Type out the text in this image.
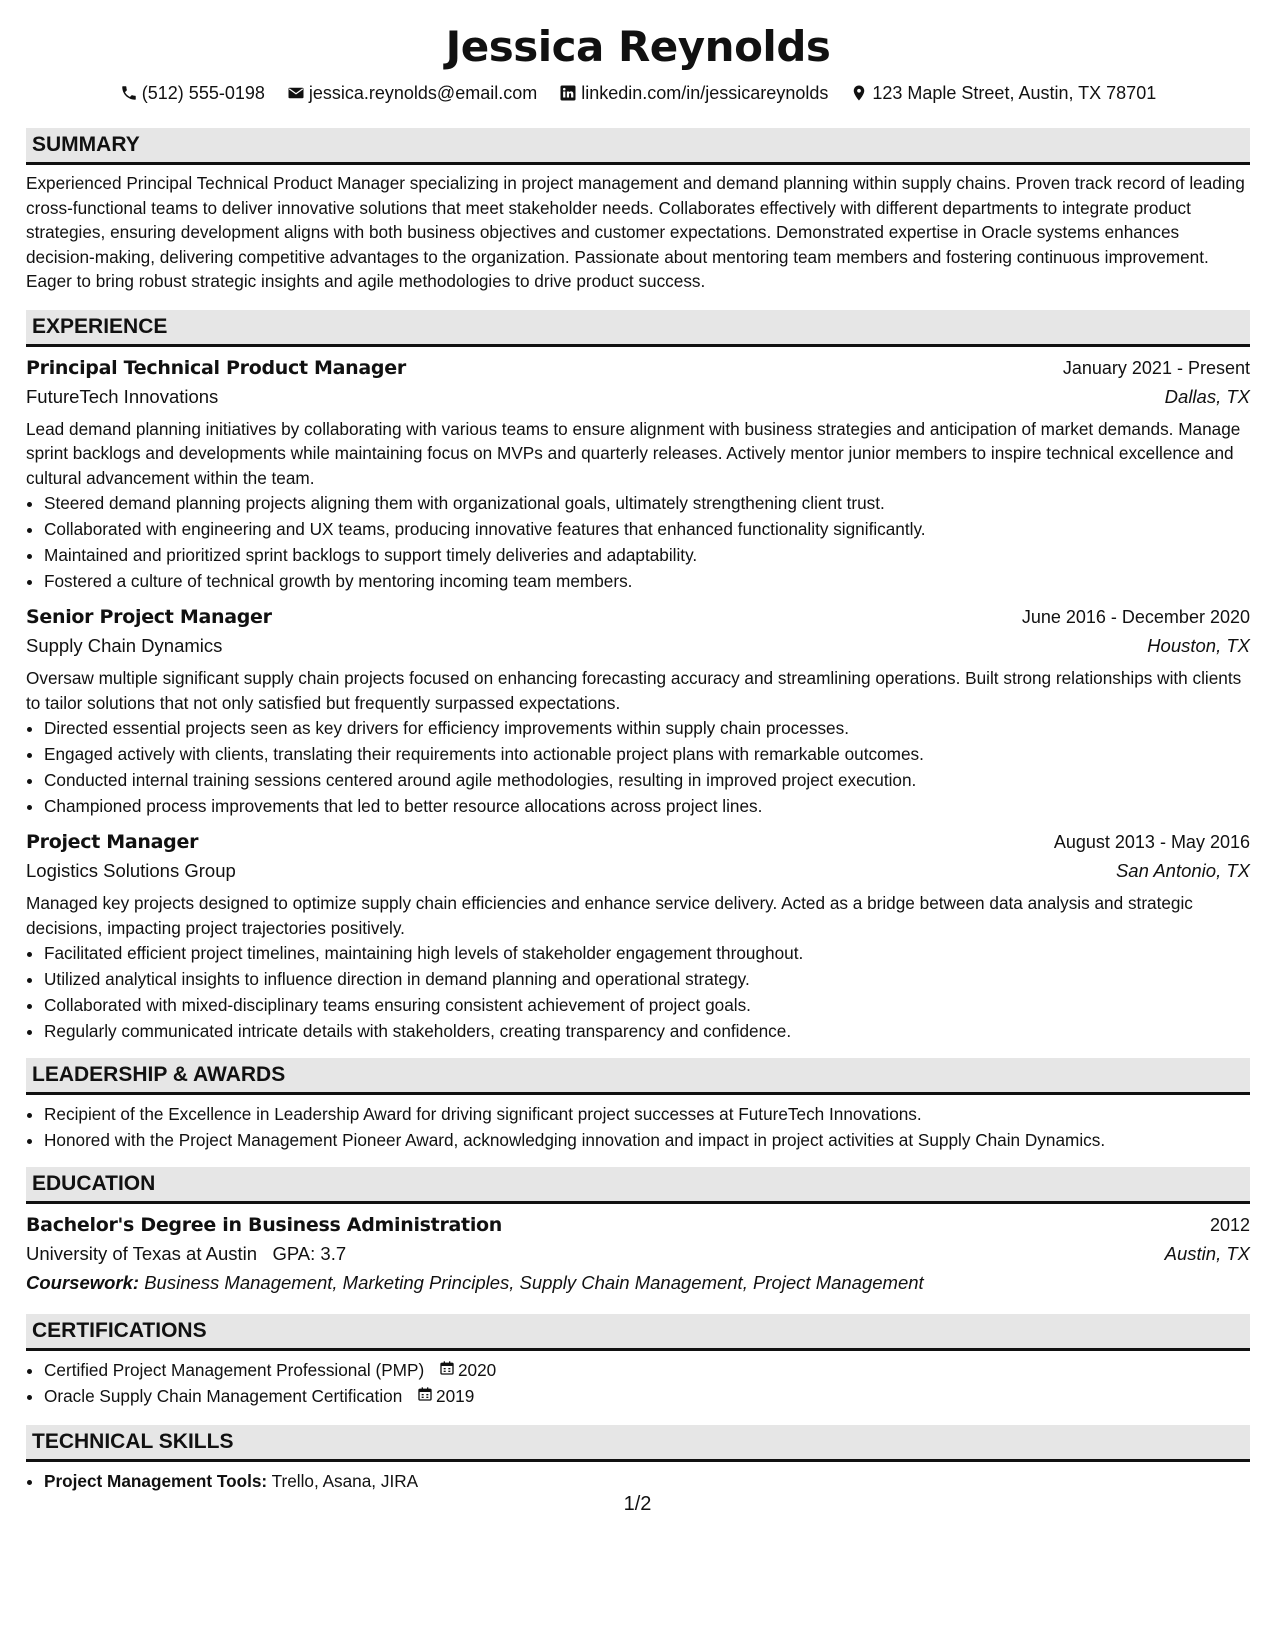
Jessica Reynolds
(512) 555-0198 jessica.reynolds@email.com linkedin.com/in/jessicareynolds 123 Maple Street, Austin, TX 78701
SUMMARY

Experienced Principal Technical Product Manager specializing in project management and demand planning within supply chains. Proven track record of leading cross-functional teams to deliver innovative solutions that meet stakeholder needs. Collaborates effectively with different departments to integrate product strategies, ensuring development aligns with both business objectives and customer expectations. Demonstrated expertise in Oracle systems enhances decision-making, delivering competitive advantages to the organization. Passionate about mentoring team members and fostering continuous improvement. Eager to bring robust strategic insights and agile methodologies to drive product success.

EXPERIENCE
Principal Technical Product Manager	January 2021 - Present
FutureTech Innovations	Dallas, TX

Lead demand planning initiatives by collaborating with various teams to ensure alignment with business strategies and anticipation of market demands. Manage sprint backlogs and developments while maintaining focus on MVPs and quarterly releases. Actively mentor junior members to inspire technical excellence and cultural advancement within the team.

• Steered demand planning projects aligning them with organizational goals, ultimately strengthening client trust.
• Collaborated with engineering and UX teams, producing innovative features that enhanced functionality significantly.
• Maintained and prioritized sprint backlogs to support timely deliveries and adaptability.
• Fostered a culture of technical growth by mentoring incoming team members.
Senior Project Manager	June 2016 - December 2020
Supply Chain Dynamics	Houston, TX

Oversaw multiple significant supply chain projects focused on enhancing forecasting accuracy and streamlining operations. Built strong relationships with clients to tailor solutions that not only satisfied but frequently surpassed expectations.

• Directed essential projects seen as key drivers for efficiency improvements within supply chain processes.
• Engaged actively with clients, translating their requirements into actionable project plans with remarkable outcomes.
• Conducted internal training sessions centered around agile methodologies, resulting in improved project execution.
• Championed process improvements that led to better resource allocations across project lines.
Project Manager	August 2013 - May 2016
Logistics Solutions Group	San Antonio, TX

Managed key projects designed to optimize supply chain efficiencies and enhance service delivery. Acted as a bridge between data analysis and strategic decisions, impacting project trajectories positively.

• Facilitated efficient project timelines, maintaining high levels of stakeholder engagement throughout.
• Utilized analytical insights to influence direction in demand planning and operational strategy.
• Collaborated with mixed-disciplinary teams ensuring consistent achievement of project goals.
• Regularly communicated intricate details with stakeholders, creating transparency and confidence.
LEADERSHIP & AWARDS
• Recipient of the Excellence in Leadership Award for driving significant project successes at FutureTech Innovations.
• Honored with the Project Management Pioneer Award, acknowledging innovation and impact in project activities at Supply Chain Dynamics.
EDUCATION
Bachelor's Degree in Business Administration	2012
University of Texas at Austin GPA: 3.7	Austin, TX
Coursework: Business Management, Marketing Principles, Supply Chain Management, Project Management
CERTIFICATIONS
• Certified Project Management Professional (PMP) 2020
• Oracle Supply Chain Management Certification 2019
TECHNICAL SKILLS
• Project Management Tools: Trello, Asana, JIRA
1/2
